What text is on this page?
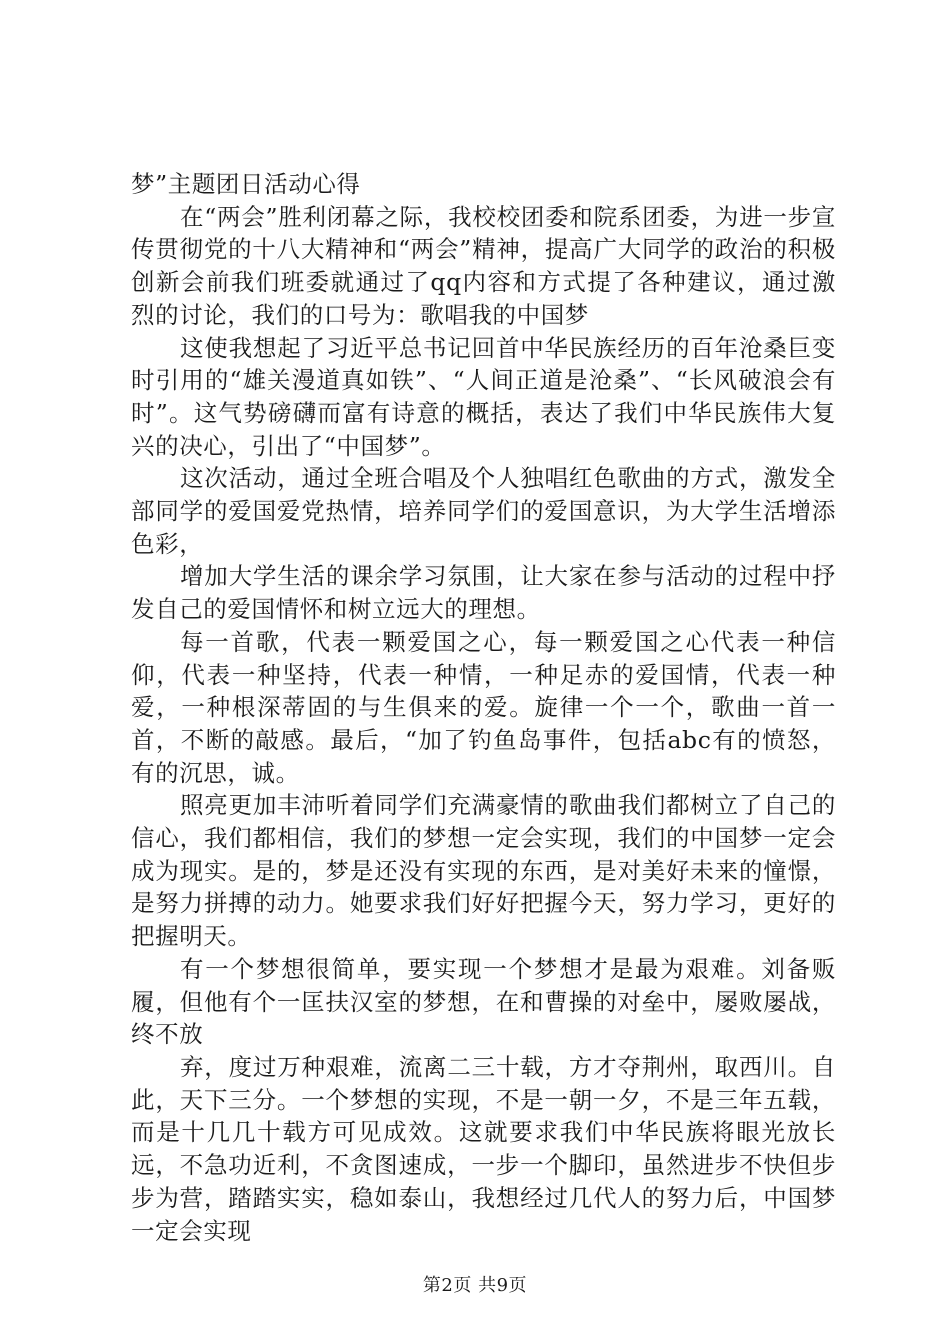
梦”主题团日活动心得

在“两会”胜利闭幕之际，我校校团委和院系团委，为进一步宣传贯彻党的十八大精神和“两会”精神，提高广大同学的政治的积极创新会前我们班委就通过了qq内容和方式提了各种建议，通过激烈的讨论，我们的口号为：歌唱我的中国梦

这使我想起了习近平总书记回首中华民族经历的百年沧桑巨变时引用的“雄关漫道真如铁”、“人间正道是沧桑”、“长风破浪会有时”。这气势磅礴而富有诗意的概括，表达了我们中华民族伟大复兴的决心，引出了“中国梦”。

这次活动，通过全班合唱及个人独唱红色歌曲的方式，激发全部同学的爱国爱党热情，培养同学们的爱国意识，为大学生活增添色彩，

增加大学生活的课余学习氛围，让大家在参与活动的过程中抒发自己的爱国情怀和树立远大的理想。

每一首歌，代表一颗爱国之心，每一颗爱国之心代表一种信仰，代表一种坚持，代表一种情，一种足赤的爱国情，代表一种爱，一种根深蒂固的与生俱来的爱。旋律一个一个，歌曲一首一首，不断的敲感。最后，“加了钓鱼岛事件，包括abc有的愤怒，有的沉思，诚。

照亮更加丰沛听着同学们充满豪情的歌曲我们都树立了自己的信心，我们都相信，我们的梦想一定会实现，我们的中国梦一定会成为现实。是的，梦是还没有实现的东西，是对美好未来的憧憬，是努力拼搏的动力。她要求我们好好把握今天，努力学习，更好的把握明天。

有一个梦想很简单，要实现一个梦想才是最为艰难。刘备贩履，但他有个一匡扶汉室的梦想，在和曹操的对垒中，屡败屡战，终不放

弃，度过万种艰难，流离二三十载，方才夺荆州，取西川。自此，天下三分。一个梦想的实现，不是一朝一夕，不是三年五载，而是十几几十载方可见成效。这就要求我们中华民族将眼光放长远，不急功近利，不贪图速成，一步一个脚印，虽然进步不快但步步为营，踏踏实实，稳如泰山，我想经过几代人的努力后，中国梦一定会实现

第2页 共9页
